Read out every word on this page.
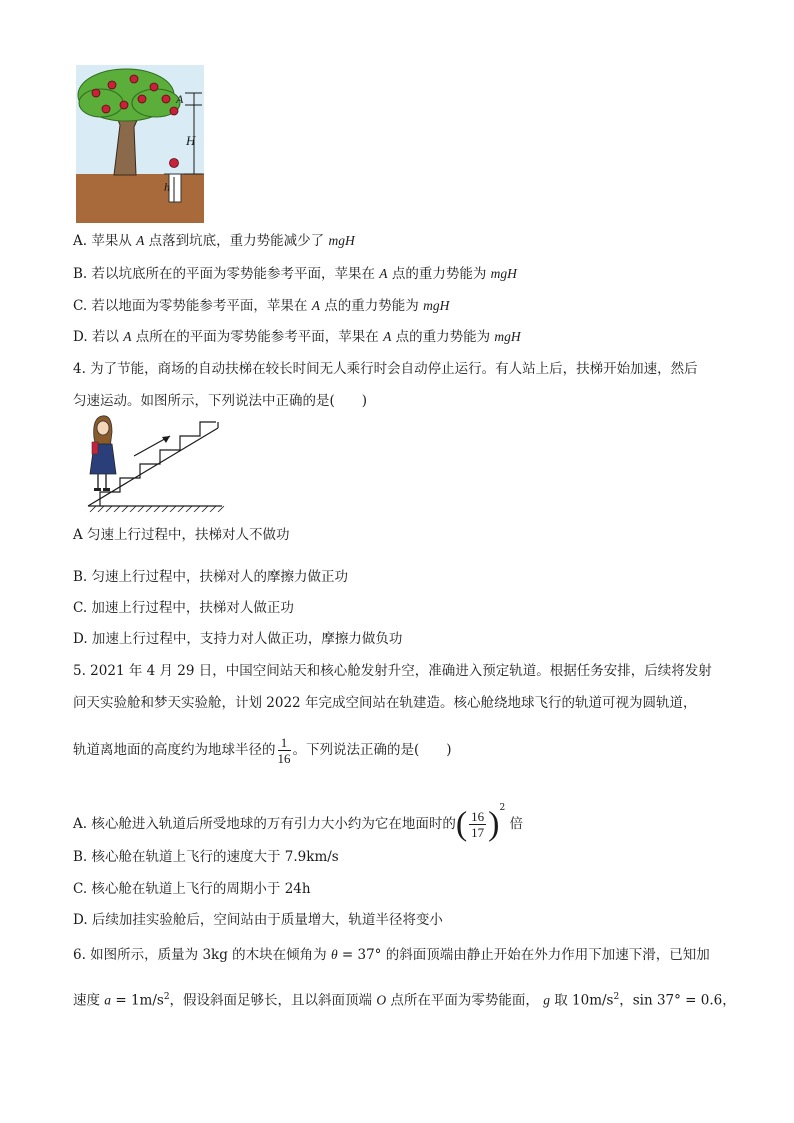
A
H
h
A. 苹果从 A 点落到坑底，重力势能减少了 mgH
B. 若以坑底所在的平面为零势能参考平面，苹果在 A 点的重力势能为 mgH
C. 若以地面为零势能参考平面，苹果在 A 点的重力势能为 mgH
D. 若以 A 点所在的平面为零势能参考平面，苹果在 A 点的重力势能为 mgH
4. 为了节能，商场的自动扶梯在较长时间无人乘行时会自动停止运行。有人站上后，扶梯开始加速，然后
匀速运动。如图所示，下列说法中正确的是(　　)
A 匀速上行过程中，扶梯对人不做功
B. 匀速上行过程中，扶梯对人的摩擦力做正功
C. 加速上行过程中，扶梯对人做正功
D. 加速上行过程中，支持力对人做正功，摩擦力做负功
5. 2021 年 4 月 29 日，中国空间站天和核心舱发射升空，准确进入预定轨道。根据任务安排，后续将发射
问天实验舱和梦天实验舱，计划 2022 年完成空间站在轨建造。核心舱绕地球飞行的轨道可视为圆轨道，
轨道离地面的高度约为地球半径的 $\frac{1}{16}$ 。下列说法正确的是(　　)
A. 核心舱进入轨道后所受地球的万有引力大小约为它在地面时的( $\frac{16}{17} )^2$ 倍
B. 核心舱在轨道上飞行的速度大于 7.9km/s
C. 核心舱在轨道上飞行的周期小于 24h
D. 后续加挂实验舱后，空间站由于质量增大，轨道半径将变小
6. 如图所示，质量为 3kg 的木块在倾角为 θ = 37° 的斜面顶端由静止开始在外力作用下加速下滑，已知加
速度 $a = 1m/s^2$，假设斜面足够长，且以斜面顶端 O 点所在平面为零势能面， g 取 $10m/s^2$，sin 37° = 0.6，
